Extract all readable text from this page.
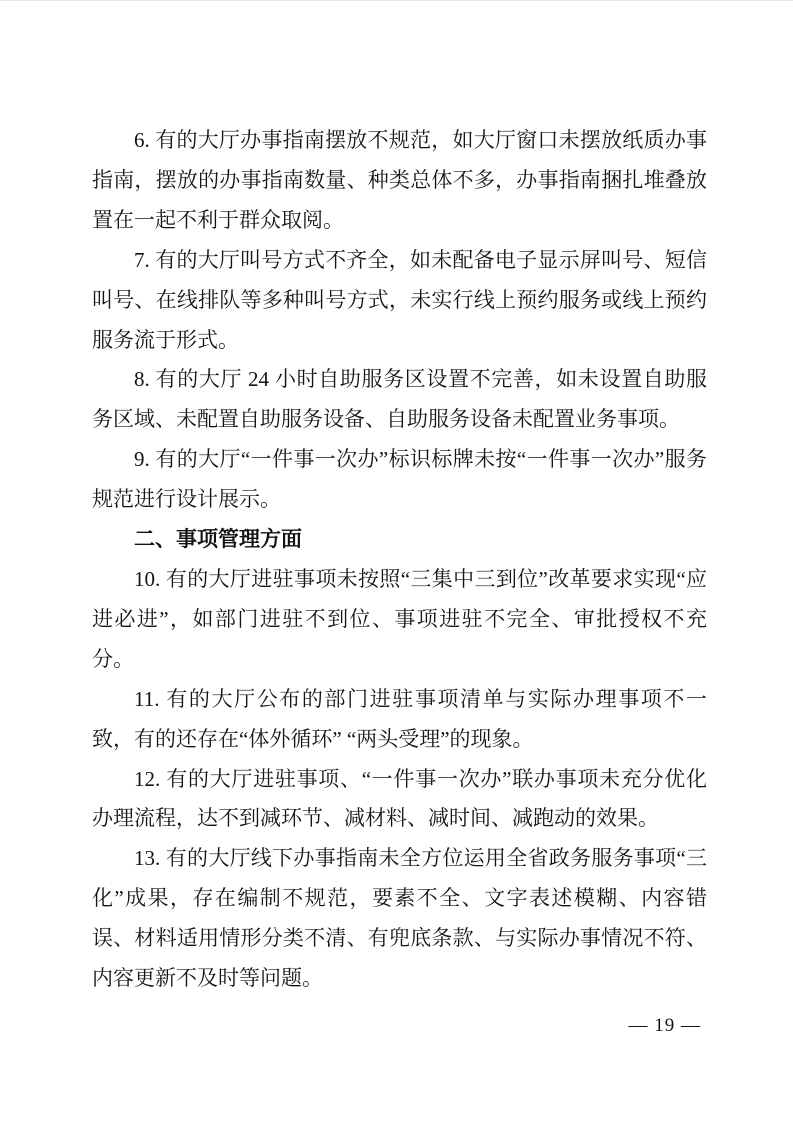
6. 有的大厅办事指南摆放不规范，如大厅窗口未摆放纸质办事指南，摆放的办事指南数量、种类总体不多，办事指南捆扎堆叠放置在一起不利于群众取阅。

7. 有的大厅叫号方式不齐全，如未配备电子显示屏叫号、短信叫号、在线排队等多种叫号方式，未实行线上预约服务或线上预约服务流于形式。

8. 有的大厅 24 小时自助服务区设置不完善，如未设置自助服务区域、未配置自助服务设备、自助服务设备未配置业务事项。

9. 有的大厅“一件事一次办”标识标牌未按“一件事一次办”服务规范进行设计展示。

二、事项管理方面

10. 有的大厅进驻事项未按照“三集中三到位”改革要求实现“应进必进”，如部门进驻不到位、事项进驻不完全、审批授权不充分。

11. 有的大厅公布的部门进驻事项清单与实际办理事项不一致，有的还存在“体外循环” “两头受理”的现象。

12. 有的大厅进驻事项、“一件事一次办”联办事项未充分优化办理流程，达不到减环节、减材料、减时间、减跑动的效果。

13. 有的大厅线下办事指南未全方位运用全省政务服务事项“三化”成果，存在编制不规范，要素不全、文字表述模糊、内容错误、材料适用情形分类不清、有兜底条款、与实际办事情况不符、内容更新不及时等问题。

— 19 —
